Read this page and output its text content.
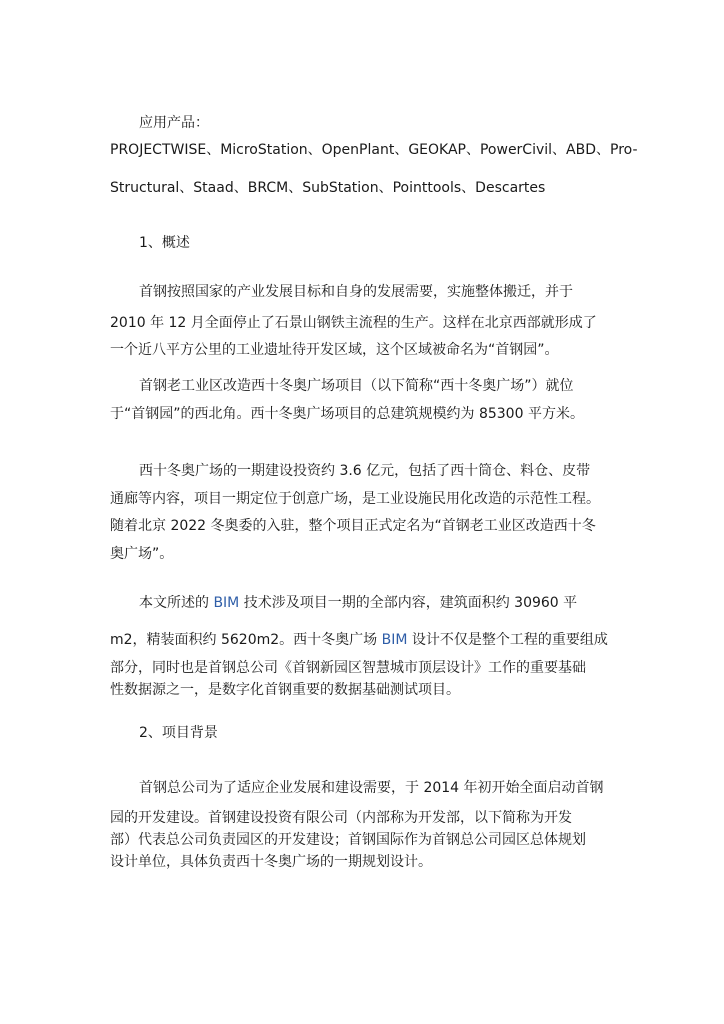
应用产品：
PROJECTWISE、MicroStation、OpenPlant、GEOKAP、PowerCivil、ABD、Pro-
Structural、Staad、BRCM、SubStation、Pointtools、Descartes
1、概述
首钢按照国家的产业发展目标和自身的发展需要，实施整体搬迁，并于
2010 年 12 月全面停止了石景山钢铁主流程的生产。这样在北京西部就形成了
一个近八平方公里的工业遗址待开发区域，这个区域被命名为“首钢园”。
首钢老工业区改造西十冬奥广场项目（以下简称“西十冬奥广场”）就位
于“首钢园”的西北角。西十冬奥广场项目的总建筑规模约为 85300 平方米。
西十冬奥广场的一期建设投资约 3.6 亿元，包括了西十筒仓、料仓、皮带
通廊等内容，项目一期定位于创意广场，是工业设施民用化改造的示范性工程。
随着北京 2022 冬奥委的入驻，整个项目正式定名为“首钢老工业区改造西十冬
奥广场”。
本文所述的 BIM 技术涉及项目一期的全部内容，建筑面积约 30960 平
m2，精装面积约 5620m2。西十冬奥广场 BIM 设计不仅是整个工程的重要组成
部分，同时也是首钢总公司《首钢新园区智慧城市顶层设计》工作的重要基础
性数据源之一，是数字化首钢重要的数据基础测试项目。
2、项目背景
首钢总公司为了适应企业发展和建设需要，于 2014 年初开始全面启动首钢
园的开发建设。首钢建设投资有限公司（内部称为开发部，以下简称为开发
部）代表总公司负责园区的开发建设；首钢国际作为首钢总公司园区总体规划
设计单位，具体负责西十冬奥广场的一期规划设计。
